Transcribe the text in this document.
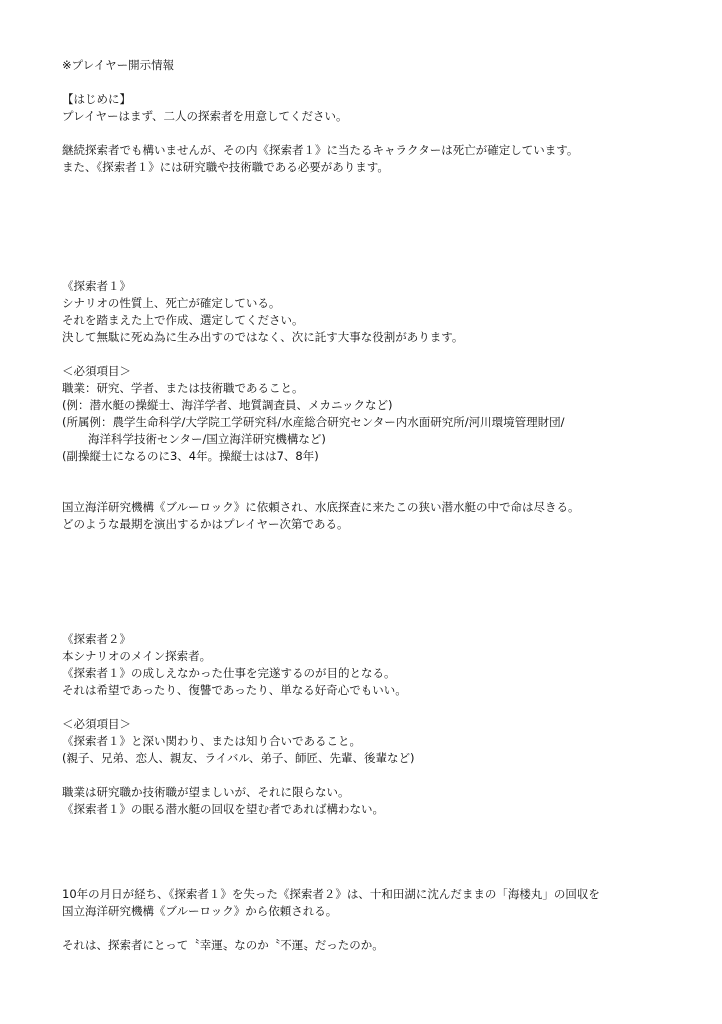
※プレイヤー開示情報
【はじめに】
プレイヤーはまず、二人の探索者を用意してください。
継続探索者でも構いませんが、その内《探索者１》に当たるキャラクターは死亡が確定しています。
また、《探索者１》には研究職や技術職である必要があります。
《探索者１》
シナリオの性質上、死亡が確定している。
それを踏まえた上で作成、選定してください。
決して無駄に死ぬ為に生み出すのではなく、次に託す大事な役割があります。
＜必須項目＞
職業：研究、学者、または技術職であること。
(例：潜水艇の操縦士、海洋学者、地質調査員、メカニックなど)
(所属例：農学生命科学/大学院工学研究科/水産総合研究センター内水面研究所/河川環境管理財団/
海洋科学技術センター/国立海洋研究機構など)
(副操縦士になるのに3、4年。操縦士はは7、8年)
国立海洋研究機構《ブルーロック》に依頼され、水底探査に来たこの狭い潜水艇の中で命は尽きる。
どのような最期を演出するかはプレイヤー次第である。
《探索者２》
本シナリオのメイン探索者。
《探索者１》の成しえなかった仕事を完遂するのが目的となる。
それは希望であったり、復讐であったり、単なる好奇心でもいい。
＜必須項目＞
《探索者１》と深い関わり、または知り合いであること。
(親子、兄弟、恋人、親友、ライバル、弟子、師匠、先輩、後輩など)
職業は研究職か技術職が望ましいが、それに限らない。
《探索者１》の眠る潜水艇の回収を望む者であれば構わない。
10年の月日が経ち、《探索者１》を失った《探索者２》は、十和田湖に沈んだままの「海楼丸」の回収を
国立海洋研究機構《ブルーロック》から依頼される。
それは、探索者にとって〝幸運〟なのか〝不運〟だったのか。
